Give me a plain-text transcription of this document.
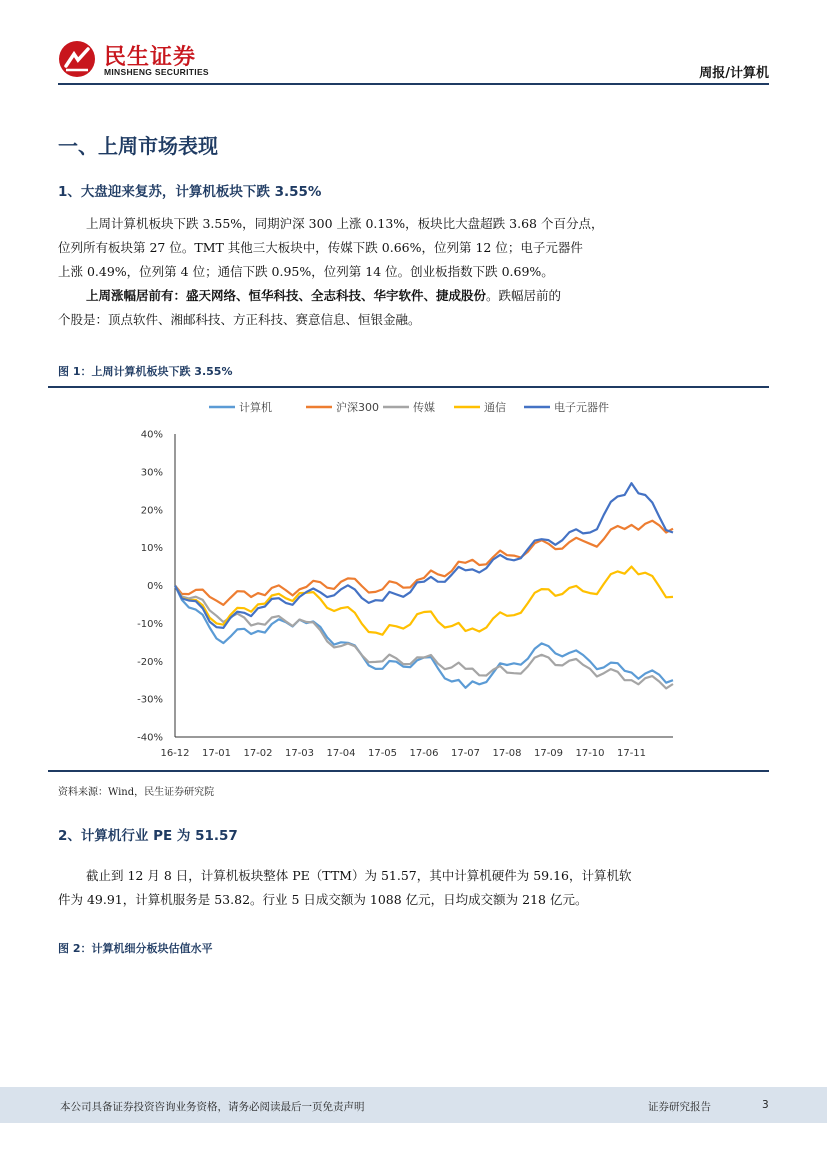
民生证券
MINSHENG SECURITIES	周报/计算机
一、上周市场表现
1、大盘迎来复苏，计算机板块下跌 3.55%
上周计算机板块下跌 3.55%，同期沪深 300 上涨 0.13%，板块比大盘超跌 3.68 个百分点，
位列所有板块第 27 位。TMT 其他三大板块中，传媒下跌 0.66%，位列第 12 位；电子元器件
上涨 0.49%，位列第 4 位；通信下跌 0.95%，位列第 14 位。创业板指数下跌 0.69%。
上周涨幅居前有：盛天网络、恒华科技、全志科技、华宇软件、捷成股份。跌幅居前的
个股是：顶点软件、湘邮科技、方正科技、赛意信息、恒银金融。
图 1：上周计算机板块下跌 3.55%
计算机	沪深300	传媒	通信	电子元器件
40%
30%
20%
10%
0%
-10%
-20%
-30%
-40%
16-12 17-01 17-02 17-03 17-04 17-05 17-06 17-07 17-08 17-09 17-10 17-11
资料来源：Wind，民生证券研究院
2、计算机行业 PE 为 51.57
截止到 12 月 8 日，计算机板块整体 PE（TTM）为 51.57，其中计算机硬件为 59.16，计算机软
件为 49.91，计算机服务是 53.82。行业 5 日成交额为 1088 亿元，日均成交额为 218 亿元。
图 2：计算机细分板块估值水平
本公司具备证券投资咨询业务资格，请务必阅读最后一页免责声明	证券研究报告	3
